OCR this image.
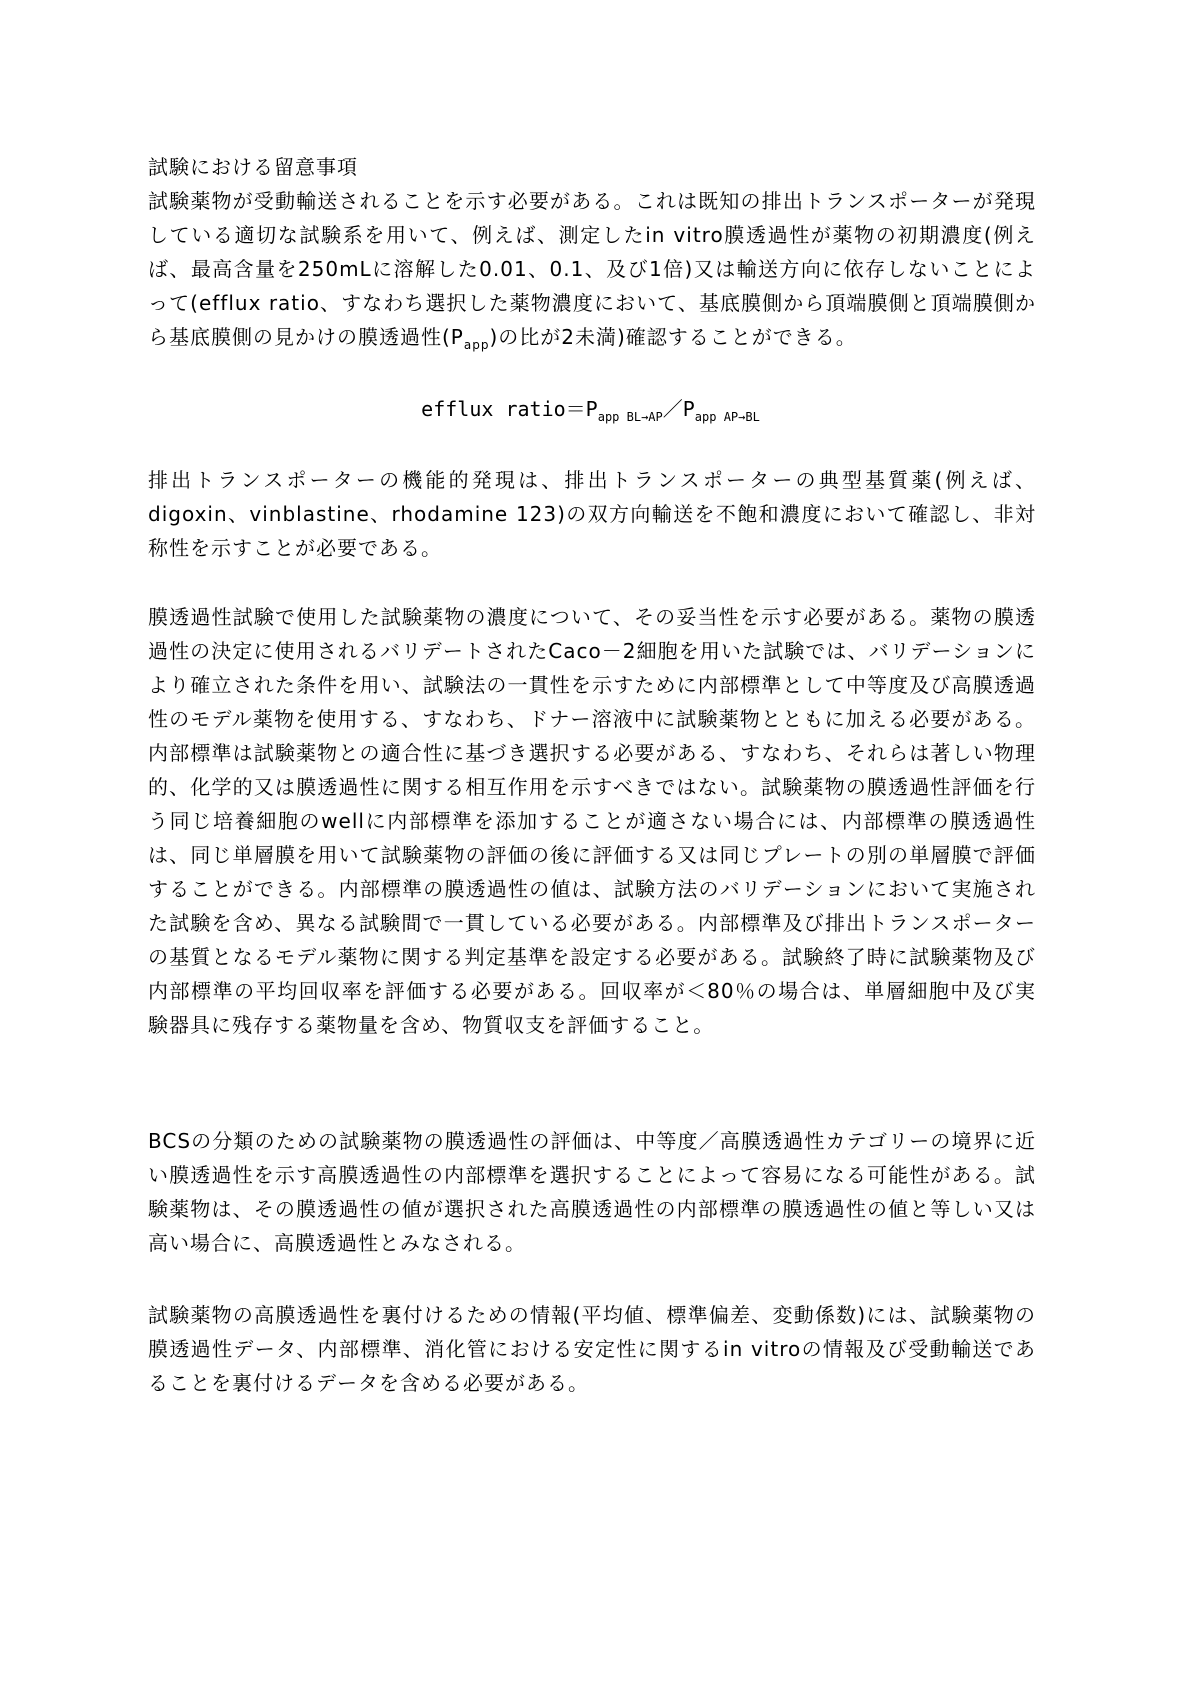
試験における留意事項
試験薬物が受動輸送されることを示す必要がある。これは既知の排出トランスポーターが発現している適切な試験系を用いて、例えば、測定したin vitro膜透過性が薬物の初期濃度(例えば、最高含量を250mLに溶解した0.01、0.1、及び1倍)又は輸送方向に依存しないことによって(efflux ratio、すなわち選択した薬物濃度において、基底膜側から頂端膜側と頂端膜側から基底膜側の見かけの膜透過性$(P_{app})$の比が2未満)確認することができる。
efflux $ratio=P_{app BL\to AP}/P_{app AP\to BL}$
排出トランスポーターの機能的発現は、排出トランスポーターの典型基質薬(例えば、digoxin、vinblastine、rhodamine 123)の双方向輸送を不飽和濃度において確認し、非対称性を示すことが必要である。
膜透過性試験で使用した試験薬物の濃度について、その妥当性を示す必要がある。薬物の膜透過性の決定に使用されるバリデートされたCaco－2細胞を用いた試験では、バリデーションにより確立された条件を用い、試験法の一貫性を示すために内部標準として中等度及び高膜透過性のモデル薬物を使用する、すなわち、ドナー溶液中に試験薬物とともに加える必要がある。内部標準は試験薬物との適合性に基づき選択する必要がある、すなわち、それらは著しい物理的、化学的又は膜透過性に関する相互作用を示すべきではない。試験薬物の膜透過性評価を行う同じ培養細胞のwellに内部標準を添加することが適さない場合には、内部標準の膜透過性は、同じ単層膜を用いて試験薬物の評価の後に評価する又は同じプレートの別の単層膜で評価することができる。内部標準の膜透過性の値は、試験方法のバリデーションにおいて実施された試験を含め、異なる試験間で一貫している必要がある。内部標準及び排出トランスポーターの基質となるモデル薬物に関する判定基準を設定する必要がある。試験終了時に試験薬物及び内部標準の平均回収率を評価する必要がある。回収率が＜80％の場合は、単層細胞中及び実験器具に残存する薬物量を含め、物質収支を評価すること。
BCSの分類のための試験薬物の膜透過性の評価は、中等度／高膜透過性カテゴリーの境界に近い膜透過性を示す高膜透過性の内部標準を選択することによって容易になる可能性がある。試験薬物は、その膜透過性の値が選択された高膜透過性の内部標準の膜透過性の値と等しい又は高い場合に、高膜透過性とみなされる。
試験薬物の高膜透過性を裏付けるための情報(平均値、標準偏差、変動係数)には、試験薬物の膜透過性データ、内部標準、消化管における安定性に関するin vitroの情報及び受動輸送であることを裏付けるデータを含める必要がある。
